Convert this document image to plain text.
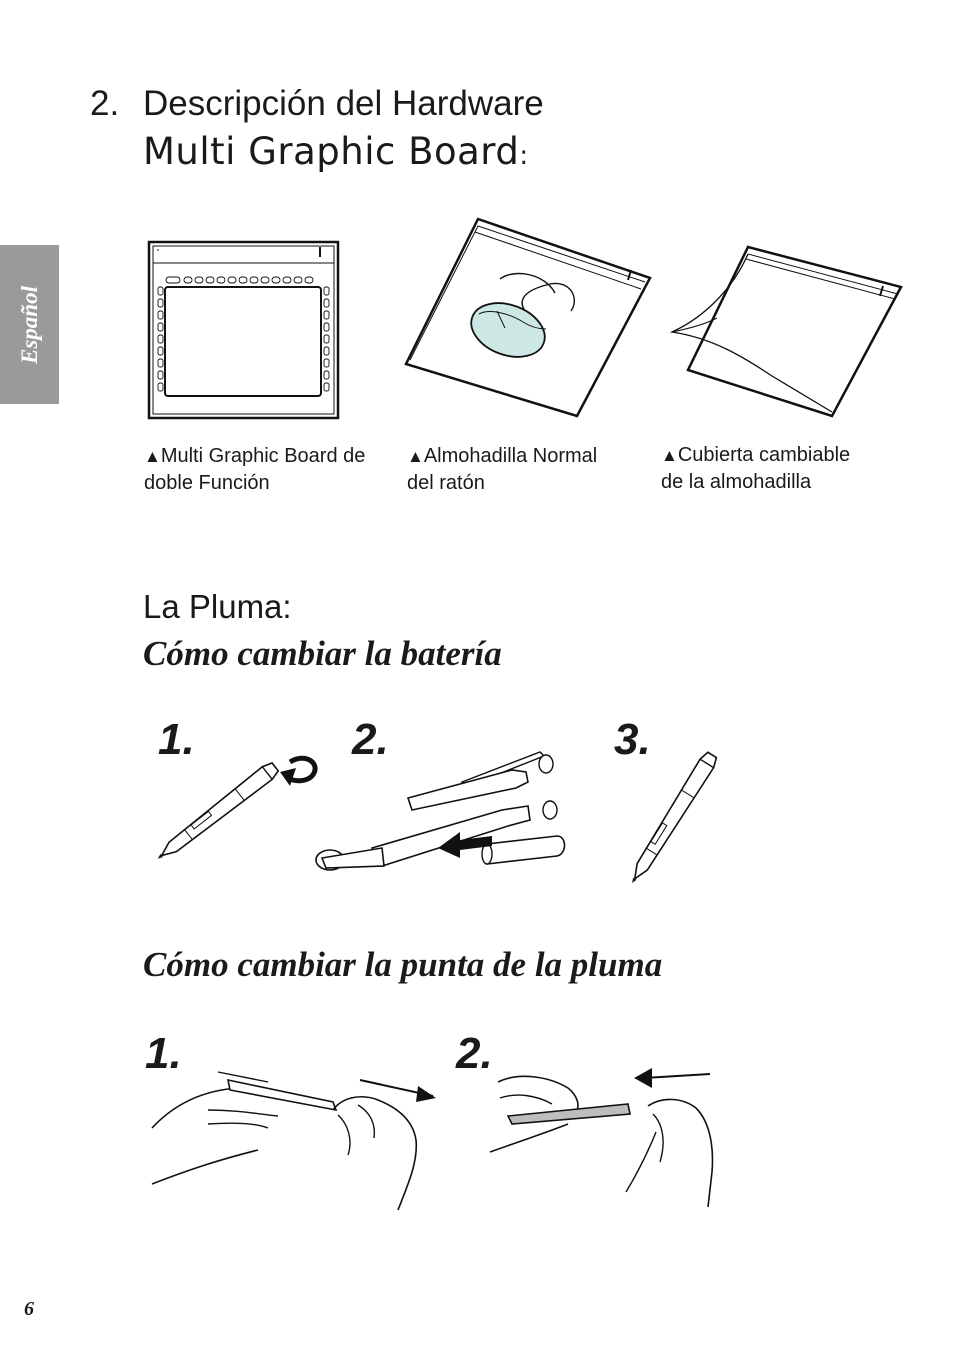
Español
2. Descripción del Hardware
Multi Graphic Board:
▲Multi Graphic Board de
doble Función
▲Almohadilla Normal
del ratón
▲Cubierta cambiable
de la almohadilla
La Pluma:
Cómo cambiar la batería
1.	2.	3.
Cómo cambiar la punta de la pluma
1.	2.
6
